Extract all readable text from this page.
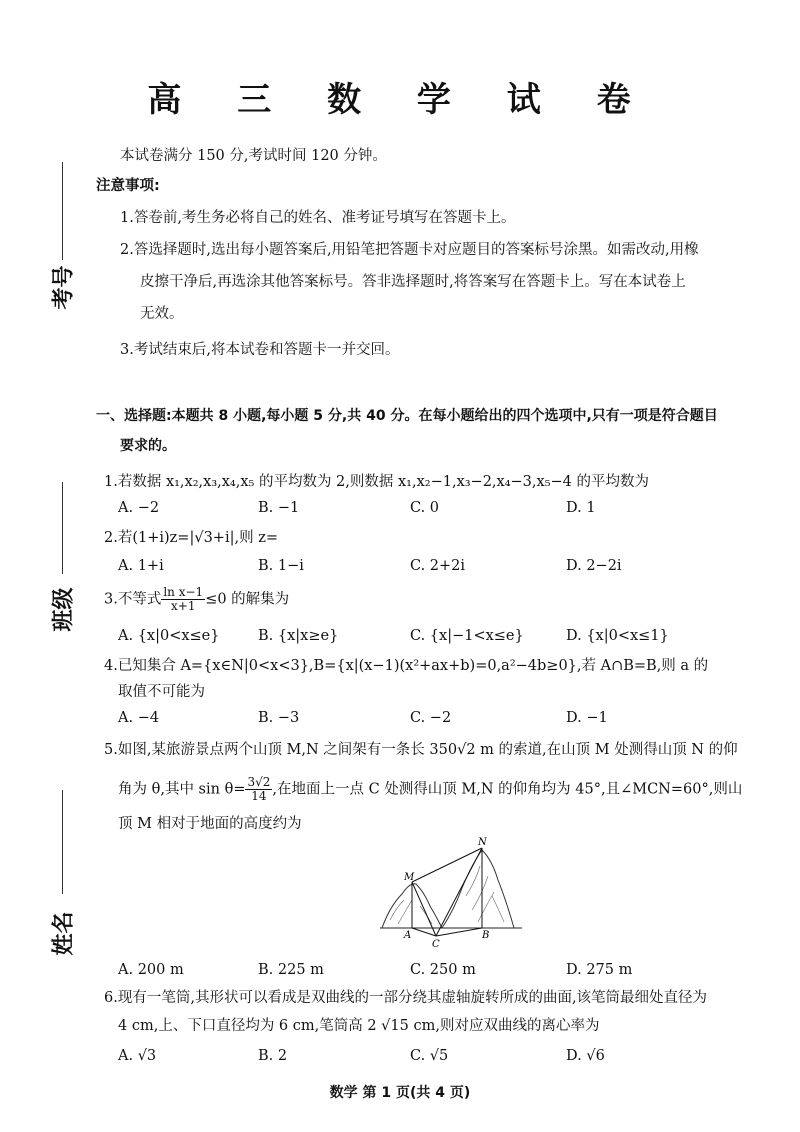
高 三 数 学 试 卷
本试卷满分 150 分,考试时间 120 分钟。
注意事项:
1.答卷前,考生务必将自己的姓名、准考证号填写在答题卡上。
2.答选择题时,选出每小题答案后,用铅笔把答题卡对应题目的答案标号涂黑。如需改动,用橡
皮擦干净后,再选涂其他答案标号。答非选择题时,将答案写在答题卡上。写在本试卷上
无效。
3.考试结束后,将本试卷和答题卡一并交回。
考号
班级
姓名
一、选择题:本题共 8 小题,每小题 5 分,共 40 分。在每小题给出的四个选项中,只有一项是符合题目
要求的。
1.若数据 x₁,x₂,x₃,x₄,x₅ 的平均数为 2,则数据 x₁,x₂−1,x₃−2,x₄−3,x₅−4 的平均数为
A. −2	B. −1	C. 0	D. 1
2.若(1+i)z=|√3+i|,则 z=
A. 1+i	B. 1−i	C. 2+2i	D. 2−2i
3.不等式 $\frac{\text{ln x−1}}{x+1} \le 0$ 的解集为
A. {x|0<x≤e}	B. {x|x≥e}	C. {x|−1<x≤e}	D. {x|0<x≤1}
4.已知集合 A={x∈N|0<x<3},B={x|(x−1)(x²+ax+b)=0,a²−4b≥0},若 A∩B=B,则 a 的
取值不可能为
A. −4	B. −3	C. −2	D. −1
5.如图,某旅游景点两个山顶 M,N 之间架有一条长 350√2 m 的索道,在山顶 M 处测得山顶 N 的仰
角为 θ,其中 $\sin \theta= \frac{3√2}{14}$ ,在地面上一点 C 处测得山顶 M,N 的仰角均为 45°,且∠MCN=60°,则山
顶 M 相对于地面的高度约为
M
N
A	B
C
A. 200 m	B. 225 m	C. 250 m	D. 275 m
6.现有一笔筒,其形状可以看成是双曲线的一部分绕其虚轴旋转所成的曲面,该笔筒最细处直径为
4 cm,上、下口直径均为 6 cm,笔筒高 2 √15 cm,则对应双曲线的离心率为
A. √3	B. 2	C. √5	D. √6
数学 第 1 页(共 4 页)
